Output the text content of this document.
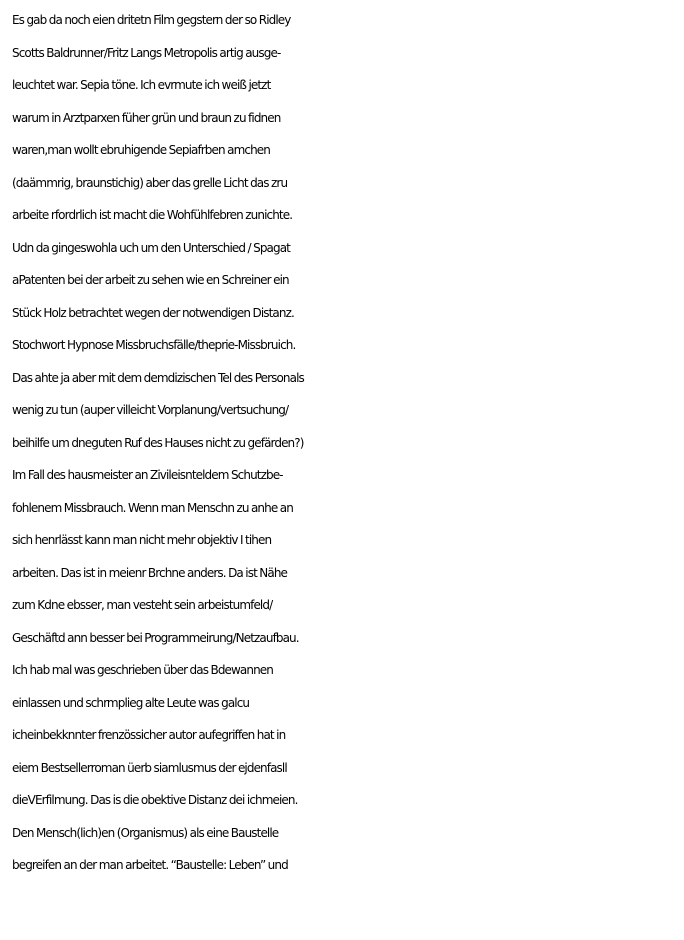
Es gab da noch eien dritetn Film gegstern der so Ridley
Scotts Baldrunner/Fritz Langs Metropolis artig ausge-
leuchtet war. Sepia töne. Ich evrmute ich weiß jetzt
warum in Arztparxen füher grün und braun zu fidnen
waren,man wollt ebruhigende Sepiafrben amchen
(daämmrig, braunstichig) aber das grelle Licht das zru
arbeite rfordrlich ist macht die Wohfühlfebren zunichte.
Udn da gingeswohla uch um den Unterschied / Spagat
aPatenten bei der arbeit zu sehen wie en Schreiner ein
Stück Holz betrachtet wegen der notwendigen Distanz.
Stochwort Hypnose Missbruchsfälle/theprie-Missbruich.
Das ahte ja aber mit dem demdizischen Tel des Personals
wenig zu tun (auper villeicht Vorplanung/vertsuchung/
beihilfe um dneguten Ruf des Hauses nicht zu gefärden?)
Im Fall des hausmeister an Zivileisnteldem Schutzbe-
fohlenem Missbrauch. Wenn man Menschn zu anhe an
sich henrlässt kann man nicht mehr objektiv I tihen
arbeiten. Das ist in meienr Brchne anders. Da ist Nähe
zum Kdne ebsser, man vesteht sein arbeistumfeld/
Geschäftd ann besser bei Programmeirung/Netzaufbau.
Ich hab mal was geschrieben über das Bdewannen
einlassen und schrmplieg alte Leute was galcu
icheinbekknnter frenzössicher autor aufegriffen hat in
eiem Bestsellerroman üerb siamlusmus der ejdenfasll
dieVErfilmung. Das is die obektive Distanz dei ichmeien.
Den Mensch(lich)en (Organismus) als eine Baustelle
begreifen an der man arbeitet. “Baustelle: Leben” und
